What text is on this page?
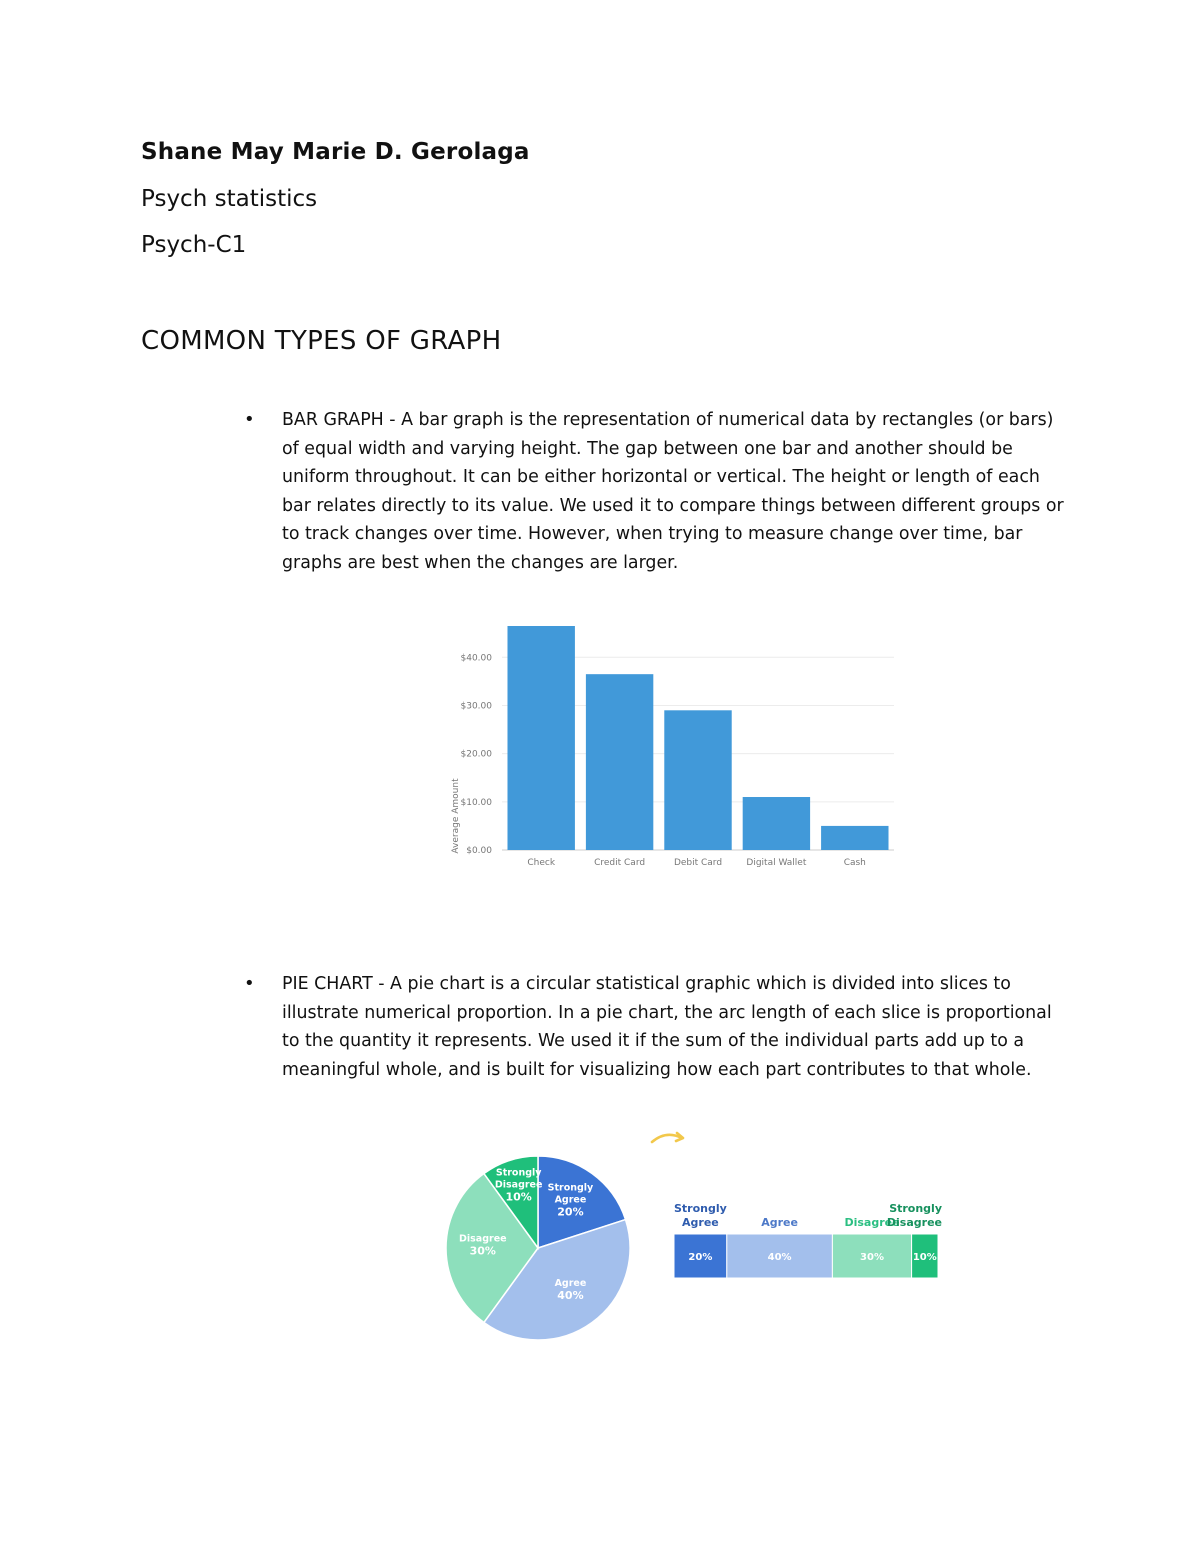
Shane May Marie D. Gerolaga
Psych statistics
Psych-C1
COMMON TYPES OF GRAPH
• BAR GRAPH - A bar graph is the representation of numerical data by rectangles (or bars) of equal width and varying height. The gap between one bar and another should be uniform throughout. It can be either horizontal or vertical. The height or length of each bar relates directly to its value. We used it to compare things between different groups or to track changes over time. However, when trying to measure change over time, bar graphs are best when the changes are larger.

$0.00
$10.00
$20.00
$30.00
$40.00
Check	Credit Card	Debit Card	Digital Wallet	Cash
Average Amount
• PIE CHART - A pie chart is a circular statistical graphic which is divided into slices to illustrate numerical proportion. In a pie chart, the arc length of each slice is proportional to the quantity it represents. We used it if the sum of the individual parts add up to a meaningful whole, and is built for visualizing how each part contributes to that whole.

Strongly
Agree
20%
Agree
40%
Disagree
30%
Strongly
Disagree
10%
20%
Strongly
Agree
40%
Agree
30%
Disagree
10%
Strongly
Disagree
